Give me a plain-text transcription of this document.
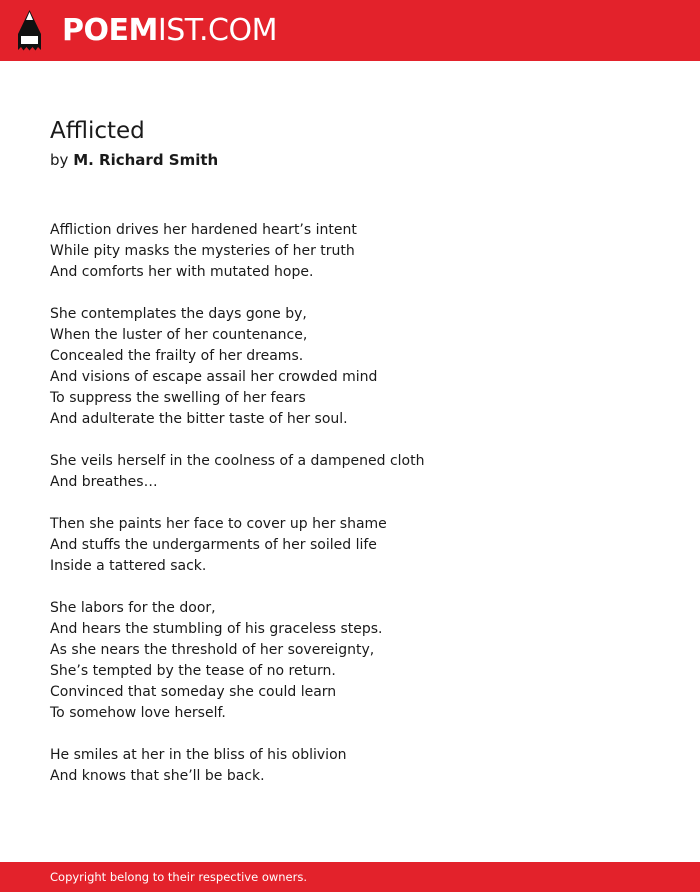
POEMIST.COM
Afflicted
by M. Richard Smith
Affliction drives her hardened heart’s intent
While pity masks the mysteries of her truth
And comforts her with mutated hope.
She contemplates the days gone by,
When the luster of her countenance,
Concealed the frailty of her dreams.
And visions of escape assail her crowded mind
To suppress the swelling of her fears
And adulterate the bitter taste of her soul.
She veils herself in the coolness of a dampened cloth
And breathes…
Then she paints her face to cover up her shame
And stuffs the undergarments of her soiled life
Inside a tattered sack.
She labors for the door,
And hears the stumbling of his graceless steps.
As she nears the threshold of her sovereignty,
She’s tempted by the tease of no return.
Convinced that someday she could learn
To somehow love herself.
He smiles at her in the bliss of his oblivion
And knows that she’ll be back.
Copyright belong to their respective owners.
